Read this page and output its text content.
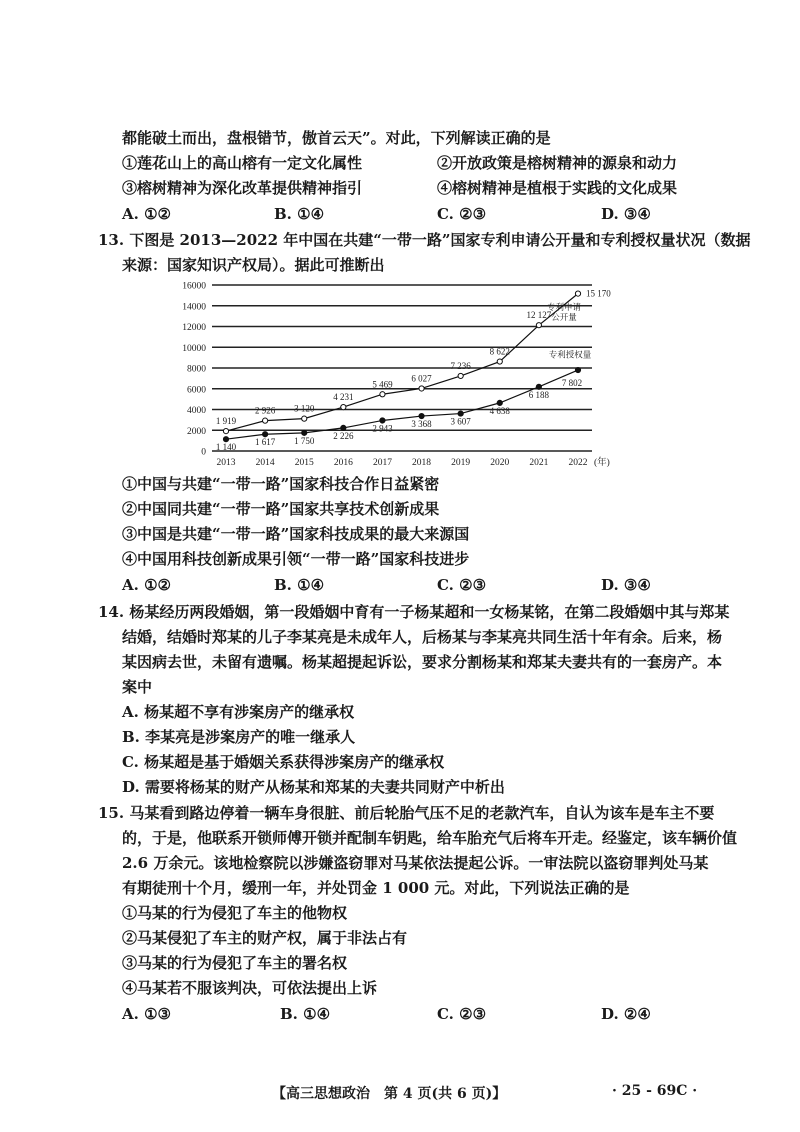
都能破土而出，盘根错节，傲首云天”。对此，下列解读正确的是
①莲花山上的高山榕有一定文化属性	②开放政策是榕树精神的源泉和动力
③榕树精神为深化改革提供精神指引	④榕树精神是植根于实践的文化成果
A. ①②	B. ①④	C. ②③	D. ③④
13. 下图是 2013—2022 年中国在共建“一带一路”国家专利申请公开量和专利授权量状况（数据
来源：国家知识产权局）。据此可推断出
0
2000
4000
6000
8000
10000
12000
14000
16000
2013 2014 2015 2016 2017 2018 2019 2020 2021 2022 (年)
1 919
2 926 3 120
4 231
5 469
6 027
7 236
8 622
12 127
15 170
1 140 1 617 1 750 2 226
2 943 3 368 3 607
4 638
6 188
7 802
专利申请
公开量
专利授权量
①中国与共建“一带一路”国家科技合作日益紧密
②中国同共建“一带一路”国家共享技术创新成果
③中国是共建“一带一路”国家科技成果的最大来源国
④中国用科技创新成果引领“一带一路”国家科技进步
A. ①②	B. ①④	C. ②③	D. ③④
14. 杨某经历两段婚姻，第一段婚姻中育有一子杨某超和一女杨某铭，在第二段婚姻中其与郑某
结婚，结婚时郑某的儿子李某亮是未成年人，后杨某与李某亮共同生活十年有余。后来，杨
某因病去世，未留有遗嘱。杨某超提起诉讼，要求分割杨某和郑某夫妻共有的一套房产。本
案中
A. 杨某超不享有涉案房产的继承权
B. 李某亮是涉案房产的唯一继承人
C. 杨某超是基于婚姻关系获得涉案房产的继承权
D. 需要将杨某的财产从杨某和郑某的夫妻共同财产中析出
15. 马某看到路边停着一辆车身很脏、前后轮胎气压不足的老款汽车，自认为该车是车主不要
的，于是，他联系开锁师傅开锁并配制车钥匙，给车胎充气后将车开走。经鉴定，该车辆价值
2.6 万余元。该地检察院以涉嫌盗窃罪对马某依法提起公诉。一审法院以盗窃罪判处马某
有期徒刑十个月，缓刑一年，并处罚金 1 000 元。对此，下列说法正确的是
①马某的行为侵犯了车主的他物权
②马某侵犯了车主的财产权，属于非法占有
③马某的行为侵犯了车主的署名权
④马某若不服该判决，可依法提出上诉
A. ①③	B. ①④	C. ②③	D. ②④
【高三思想政治　第 4 页(共 6 页)】	· 25 - 69C ·
